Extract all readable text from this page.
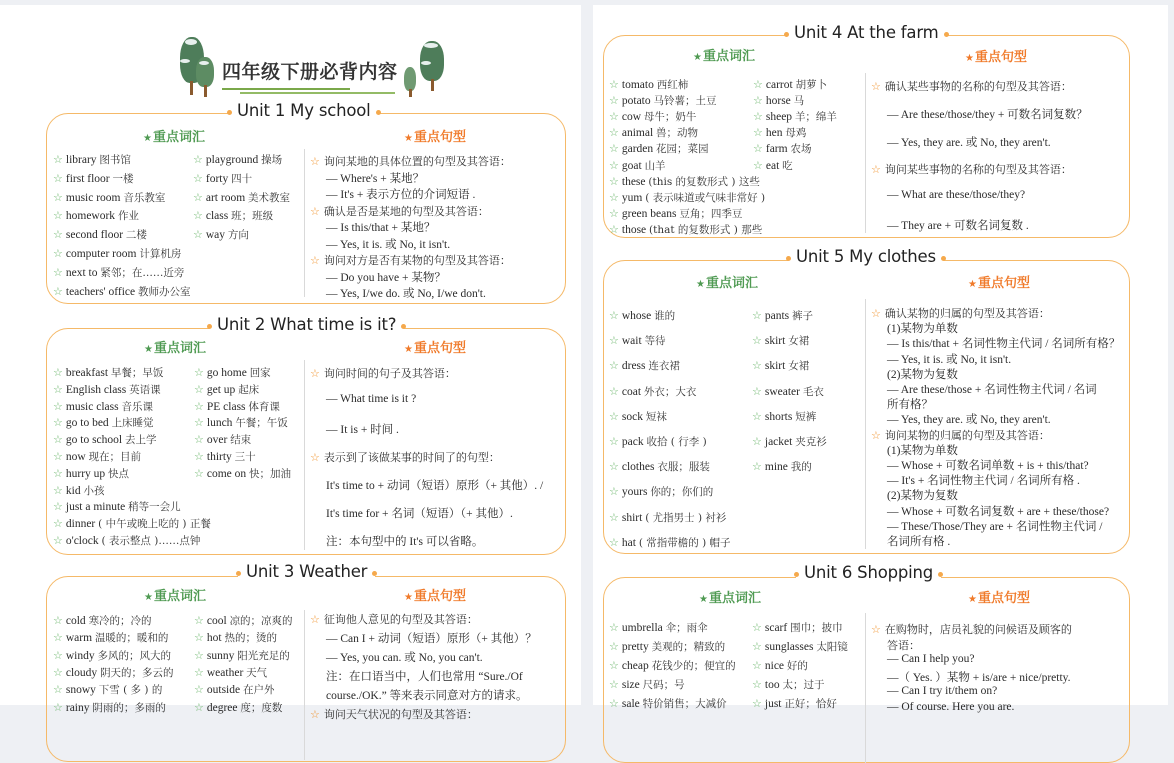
四年级下册必背内容
Unit 1 My school
★重点词汇	★重点句型
☆ library 图书馆	☆ playground 操场
☆ first floor 一楼	☆ forty 四十
☆ music room 音乐教室	☆ art room 美术教室
☆ homework 作业	☆ class 班；班级
☆ second floor 二楼	☆ way 方向
☆ computer room 计算机房
☆ next to 紧邻；在……近旁
☆ teachers' office 教师办公室
☆ 询问某地的具体位置的句型及其答语：
— Where's + 某地？
— It's + 表示方位的介词短语 .
☆ 确认是否是某地的句型及其答语：
— Is this/that + 某地？
— Yes, it is. 或 No, it isn't.
☆ 询问对方是否有某物的句型及其答语：
— Do you have + 某物？
— Yes, I/we do. 或 No, I/we don't.
Unit 2 What time is it?
★重点词汇	★重点句型
☆ breakfast 早餐；早饭	☆ go home 回家
☆ English class 英语课	☆ get up 起床
☆ music class 音乐课	☆ PE class 体育课
☆ go to bed 上床睡觉	☆ lunch 午餐；午饭
☆ go to school 去上学	☆ over 结束
☆ now 现在；目前	☆ thirty 三十
☆ hurry up 快点	☆ come on 快；加油
☆ kid 小孩
☆ just a minute 稍等一会儿
☆ dinner ( 中午或晚上吃的 ) 正餐
☆ o'clock ( 表示整点 )……点钟
☆ 询问时间的句子及其答语：
— What time is it ?
— It is + 时间 .
☆ 表示到了该做某事的时间了的句型：
It's time to + 动词（短语）原形（+ 其他）. /
It's time for + 名词（短语）（+ 其他）.
注：本句型中的 It's 可以省略。
Unit 3 Weather
★重点词汇	★重点句型
☆ cold 寒冷的；冷的	☆ cool 凉的；凉爽的
☆ warm 温暖的；暖和的 ☆ hot 热的；烫的
☆ windy 多风的；风大的 ☆ sunny 阳光充足的
☆ cloudy 阴天的；多云的 ☆ weather 天气
☆ snowy 下雪 ( 多 ) 的	☆ outside 在户外
☆ rainy 阴雨的；多雨的	☆ degree 度；度数
☆ 征询他人意见的句型及其答语：
— Can I + 动词（短语）原形（+ 其他）？
— Yes, you can. 或 No, you can't.
注：在口语当中，人们也常用 “Sure./Of
course./OK.” 等来表示同意对方的请求。
☆ 询问天气状况的句型及其答语：
Unit 4 At the farm
★重点词汇	★重点句型
☆ tomato 西红柿	☆ carrot 胡萝卜
☆ potato 马铃薯；土豆	☆ horse 马
☆ cow 母牛；奶牛	☆ sheep 羊；绵羊
☆ animal 兽；动物	☆ hen 母鸡
☆ garden 花园；菜园	☆ farm 农场
☆ goat 山羊	☆ eat 吃
☆ these (this 的复数形式 ) 这些
☆ yum ( 表示味道或气味非常好 )
☆ green beans 豆角；四季豆
☆ those (that 的复数形式 ) 那些
☆ 确认某些事物的名称的句型及其答语：
— Are these/those/they + 可数名词复数？
— Yes, they are. 或 No, they aren't.
☆ 询问某些事物的名称的句型及其答语：
— What are these/those/they?
— They are + 可数名词复数 .
Unit 5 My clothes
★重点词汇	★重点句型
☆ whose 谁的	☆ pants 裤子
☆ wait 等待	☆ skirt 女裙
☆ dress 连衣裙	☆ skirt 女裙
☆ coat 外衣；大衣	☆ sweater 毛衣
☆ sock 短袜	☆ shorts 短裤
☆ pack 收拾 ( 行李 )	☆ jacket 夹克衫
☆ clothes 衣服；服装	☆ mine 我的
☆ yours 你的；你们的
☆ shirt ( 尤指男士 ) 衬衫
☆ hat ( 常指带檐的 ) 帽子
☆ 确认某物的归属的句型及其答语：
(1)某物为单数
— Is this/that + 名词性物主代词 / 名词所有格？
— Yes, it is. 或 No, it isn't.
(2)某物为复数
— Are these/those + 名词性物主代词 / 名词
所有格？
— Yes, they are. 或 No, they aren't.
☆ 询问某物的归属的句型及其答语：
(1)某物为单数
— Whose + 可数名词单数 + is + this/that?
— It's + 名词性物主代词 / 名词所有格 .
(2)某物为复数
— Whose + 可数名词复数 + are + these/those?
— These/Those/They are + 名词性物主代词 /
名词所有格 .
Unit 6 Shopping
★重点词汇	★重点句型
☆ umbrella 伞；雨伞	☆ scarf 围巾；披巾
☆ pretty 美观的；精致的 ☆ sunglasses 太阳镜
☆ cheap 花钱少的；便宜的 ☆ nice 好的
☆ size 尺码；号	☆ too 太；过于
☆ sale 特价销售；大减价 ☆ just 正好；恰好
☆ 在购物时，店员礼貌的问候语及顾客的
答语：
— Can I help you?
—（ Yes. ）某物 + is/are + nice/pretty.
— Can I try it/them on?
— Of course. Here you are.
